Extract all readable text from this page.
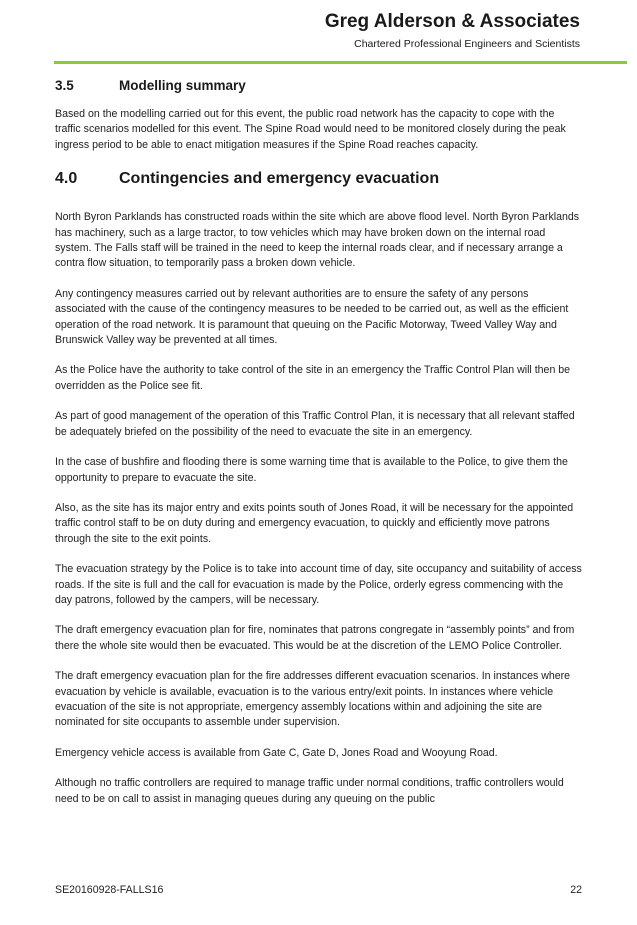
Greg Alderson & Associates
Chartered Professional Engineers and Scientists
3.5	Modelling summary

Based on the modelling carried out for this event, the public road network has the capacity to cope with the traffic scenarios modelled for this event. The Spine Road would need to be monitored closely during the peak ingress period to be able to enact mitigation measures if the Spine Road reaches capacity.

4.0	Contingencies and emergency evacuation

North Byron Parklands has constructed roads within the site which are above flood level. North Byron Parklands has machinery, such as a large tractor, to tow vehicles which may have broken down on the internal road system. The Falls staff will be trained in the need to keep the internal roads clear, and if necessary arrange a contra flow situation, to temporarily pass a broken down vehicle.

Any contingency measures carried out by relevant authorities are to ensure the safety of any persons associated with the cause of the contingency measures to be needed to be carried out, as well as the efficient operation of the road network. It is paramount that queuing on the Pacific Motorway, Tweed Valley Way and Brunswick Valley way be prevented at all times.

As the Police have the authority to take control of the site in an emergency the Traffic Control Plan will then be overridden as the Police see fit.

As part of good management of the operation of this Traffic Control Plan, it is necessary that all relevant staffed be adequately briefed on the possibility of the need to evacuate the site in an emergency.

In the case of bushfire and flooding there is some warning time that is available to the Police, to give them the opportunity to prepare to evacuate the site.

Also, as the site has its major entry and exits points south of Jones Road, it will be necessary for the appointed traffic control staff to be on duty during and emergency evacuation, to quickly and efficiently move patrons through the site to the exit points.

The evacuation strategy by the Police is to take into account time of day, site occupancy and suitability of access roads. If the site is full and the call for evacuation is made by the Police, orderly egress commencing with the day patrons, followed by the campers, will be necessary.

The draft emergency evacuation plan for fire, nominates that patrons congregate in “assembly points” and from there the whole site would then be evacuated. This would be at the discretion of the LEMO Police Controller.

The draft emergency evacuation plan for the fire addresses different evacuation scenarios. In instances where evacuation by vehicle is available, evacuation is to the various entry/exit points. In instances where vehicle evacuation of the site is not appropriate, emergency assembly locations within and adjoining the site are nominated for site occupants to assemble under supervision.

Emergency vehicle access is available from Gate C, Gate D, Jones Road and Wooyung Road.

Although no traffic controllers are required to manage traffic under normal conditions, traffic controllers would need to be on call to assist in managing queues during any queuing on the public

SE20160928-FALLS16	22
